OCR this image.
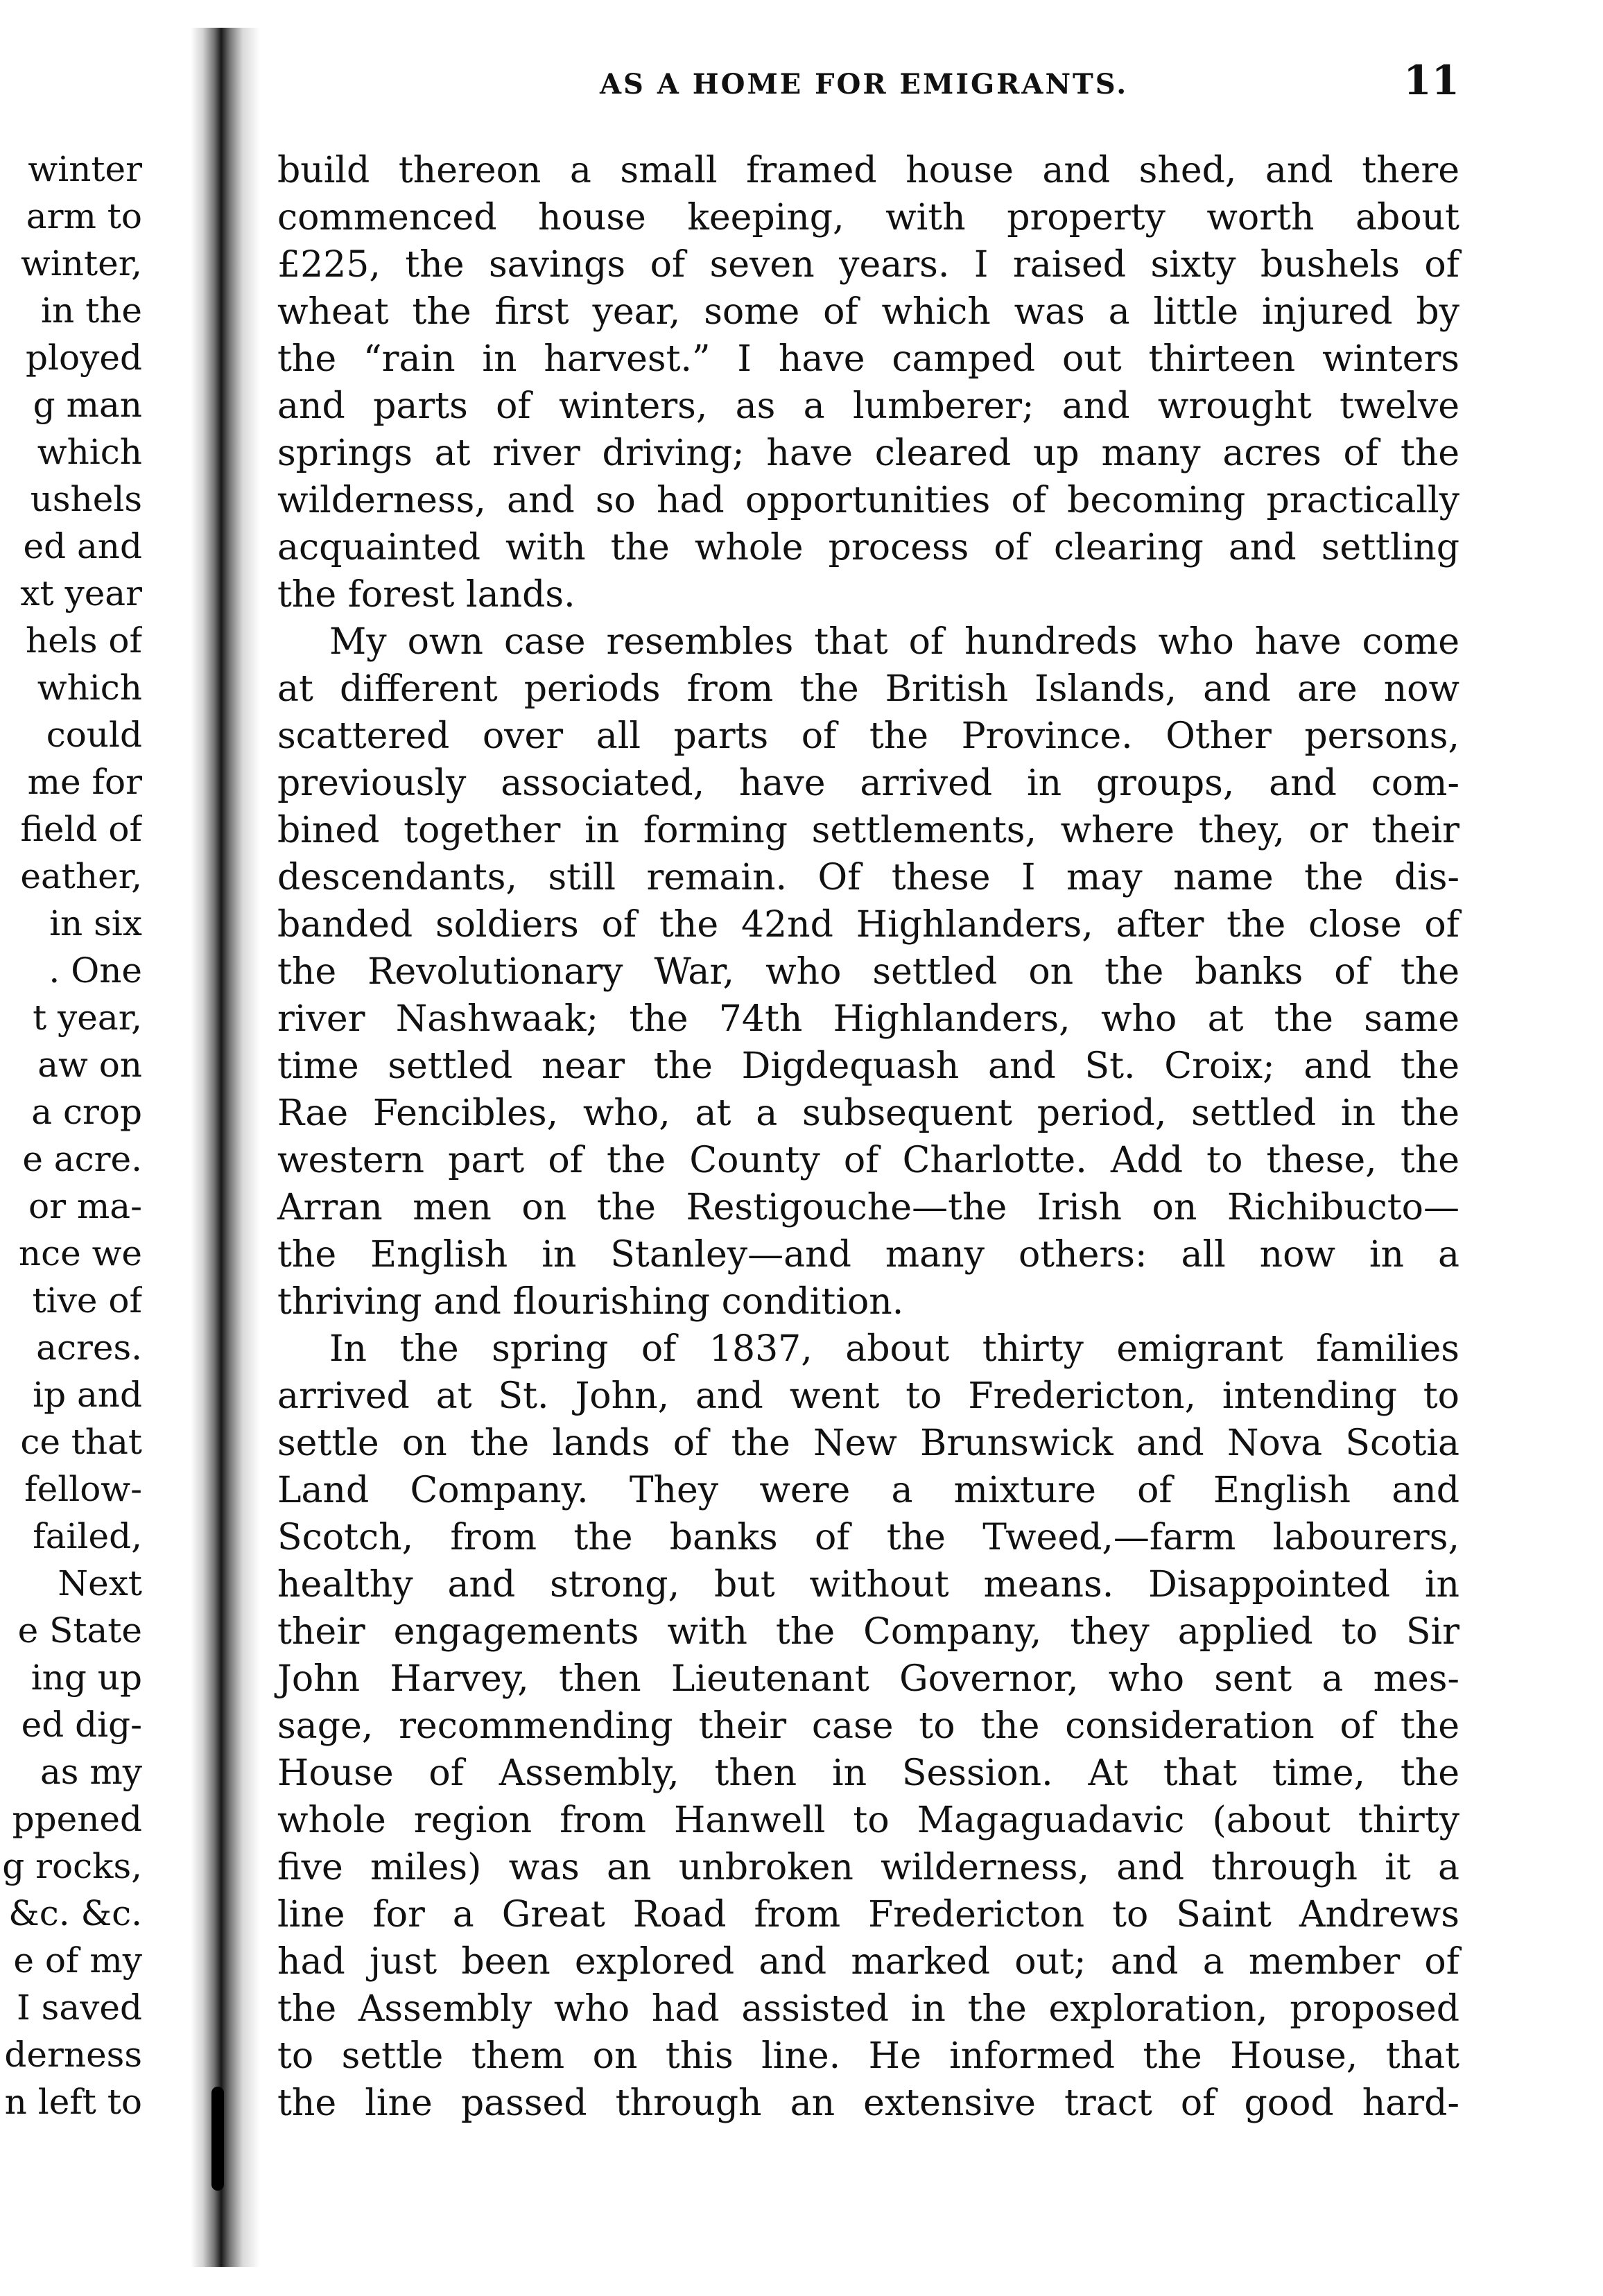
winter
arm to
winter,
in the
ployed
g man
which
ushels
ed and
xt year
hels of
which
could
me for
field of
eather,
in six
. One
t year,
aw on
a crop
e acre.
or ma-
nce we
tive of
acres.
ip and
ce that
fellow-
failed,
Next
e State
ing up
ed dig-
as my
ppened
g rocks,
&c. &c.
e of my
I saved
derness
n left to
AS A HOME FOR EMIGRANTS.	11
build thereon a small framed house and shed, and there
commenced house keeping, with property worth about
£225, the savings of seven years. I raised sixty bushels of
wheat the first year, some of which was a little injured by
the “rain in harvest.” I have camped out thirteen winters
and parts of winters, as a lumberer; and wrought twelve
springs at river driving; have cleared up many acres of the
wilderness, and so had opportunities of becoming practically
acquainted with the whole process of clearing and settling
the forest lands.
My own case resembles that of hundreds who have come
at different periods from the British Islands, and are now
scattered over all parts of the Province. Other persons,
previously associated, have arrived in groups, and com-
bined together in forming settlements, where they, or their
descendants, still remain. Of these I may name the dis-
banded soldiers of the 42nd Highlanders, after the close of
the Revolutionary War, who settled on the banks of the
river Nashwaak; the 74th Highlanders, who at the same
time settled near the Digdequash and St. Croix; and the
Rae Fencibles, who, at a subsequent period, settled in the
western part of the County of Charlotte. Add to these, the
Arran men on the Restigouche—the Irish on Richibucto—
the English in Stanley—and many others: all now in a
thriving and flourishing condition.
In the spring of 1837, about thirty emigrant families
arrived at St. John, and went to Fredericton, intending to
settle on the lands of the New Brunswick and Nova Scotia
Land Company. They were a mixture of English and
Scotch, from the banks of the Tweed,—farm labourers,
healthy and strong, but without means. Disappointed in
their engagements with the Company, they applied to Sir
John Harvey, then Lieutenant Governor, who sent a mes-
sage, recommending their case to the consideration of the
House of Assembly, then in Session. At that time, the
whole region from Hanwell to Magaguadavic (about thirty
five miles) was an unbroken wilderness, and through it a
line for a Great Road from Fredericton to Saint Andrews
had just been explored and marked out; and a member of
the Assembly who had assisted in the exploration, proposed
to settle them on this line. He informed the House, that
the line passed through an extensive tract of good hard-
